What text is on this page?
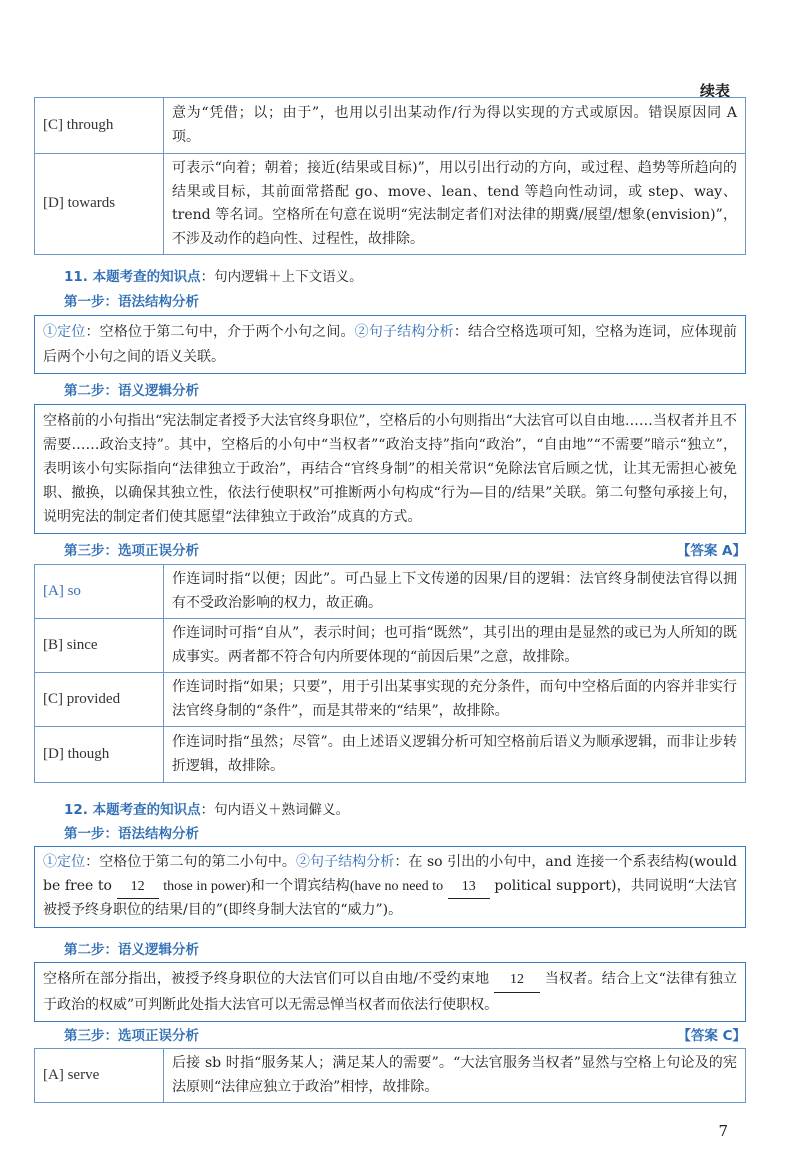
续表
[C] through	意为“凭借；以；由于”，也用以引出某动作/行为得以实现的方式或原因。错误原因同 A 项。
[D] towards	可表示“向着；朝着；接近(结果或目标)”，用以引出行动的方向，或过程、趋势等所趋向的结果或目标，其前面常搭配 go、move、lean、tend 等趋向性动词，或 step、way、trend 等名词。空格所在句意在说明“宪法制定者们对法律的期冀/展望/想象(envision)”，不涉及动作的趋向性、过程性，故排除。
11. 本题考查的知识点：句内逻辑＋上下文语义。
第一步：语法结构分析
①定位：空格位于第二句中，介于两个小句之间。②句子结构分析：结合空格选项可知，空格为连词，应体现前后两个小句之间的语义关联。
第二步：语义逻辑分析
空格前的小句指出“宪法制定者授予大法官终身职位”，空格后的小句则指出“大法官可以自由地……当权者并且不需要……政治支持”。其中，空格后的小句中“当权者”“政治支持”指向“政治”，“自由地”“不需要”暗示“独立”，表明该小句实际指向“法律独立于政治”，再结合“官终身制”的相关常识“免除法官后顾之忧，让其无需担心被免职、撤换，以确保其独立性，依法行使职权”可推断两小句构成“行为—目的/结果”关联。第二句整句承接上句，说明宪法的制定者们使其愿望“法律独立于政治”成真的方式。
第三步：选项正误分析	【答案 A】
[A] so	作连词时指“以便；因此”。可凸显上下文传递的因果/目的逻辑：法官终身制使法官得以拥有不受政治影响的权力，故正确。
[B] since	作连词时可指“自从”，表示时间；也可指“既然”，其引出的理由是显然的或已为人所知的既成事实。两者都不符合句内所要体现的“前因后果”之意，故排除。
[C] provided	作连词时指“如果；只要”，用于引出某事实现的充分条件，而句中空格后面的内容并非实行法官终身制的“条件”，而是其带来的“结果”，故排除。
[D] though	作连词时指“虽然；尽管”。由上述语义逻辑分析可知空格前后语义为顺承逻辑，而非让步转折逻辑，故排除。
12. 本题考查的知识点：句内语义＋熟词僻义。
第一步：语法结构分析
①定位：空格位于第二句的第二小句中。②句子结构分析：在 so 引出的小句中，and 连接一个系表结构(would be free to 12 those in power)和一个谓宾结构(have no need to 13 political support)，共同说明“大法官被授予终身职位的结果/目的”(即终身制大法官的“威力”)。
第二步：语义逻辑分析
空格所在部分指出，被授予终身职位的大法官们可以自由地/不受约束地 12 当权者。结合上文“法律有独立于政治的权威”可判断此处指大法官可以无需忌惮当权者而依法行使职权。
第三步：选项正误分析	【答案 C】
[A] serve	后接 sb 时指“服务某人；满足某人的需要”。“大法官服务当权者”显然与空格上句论及的宪法原则“法律应独立于政治”相悖，故排除。
7
